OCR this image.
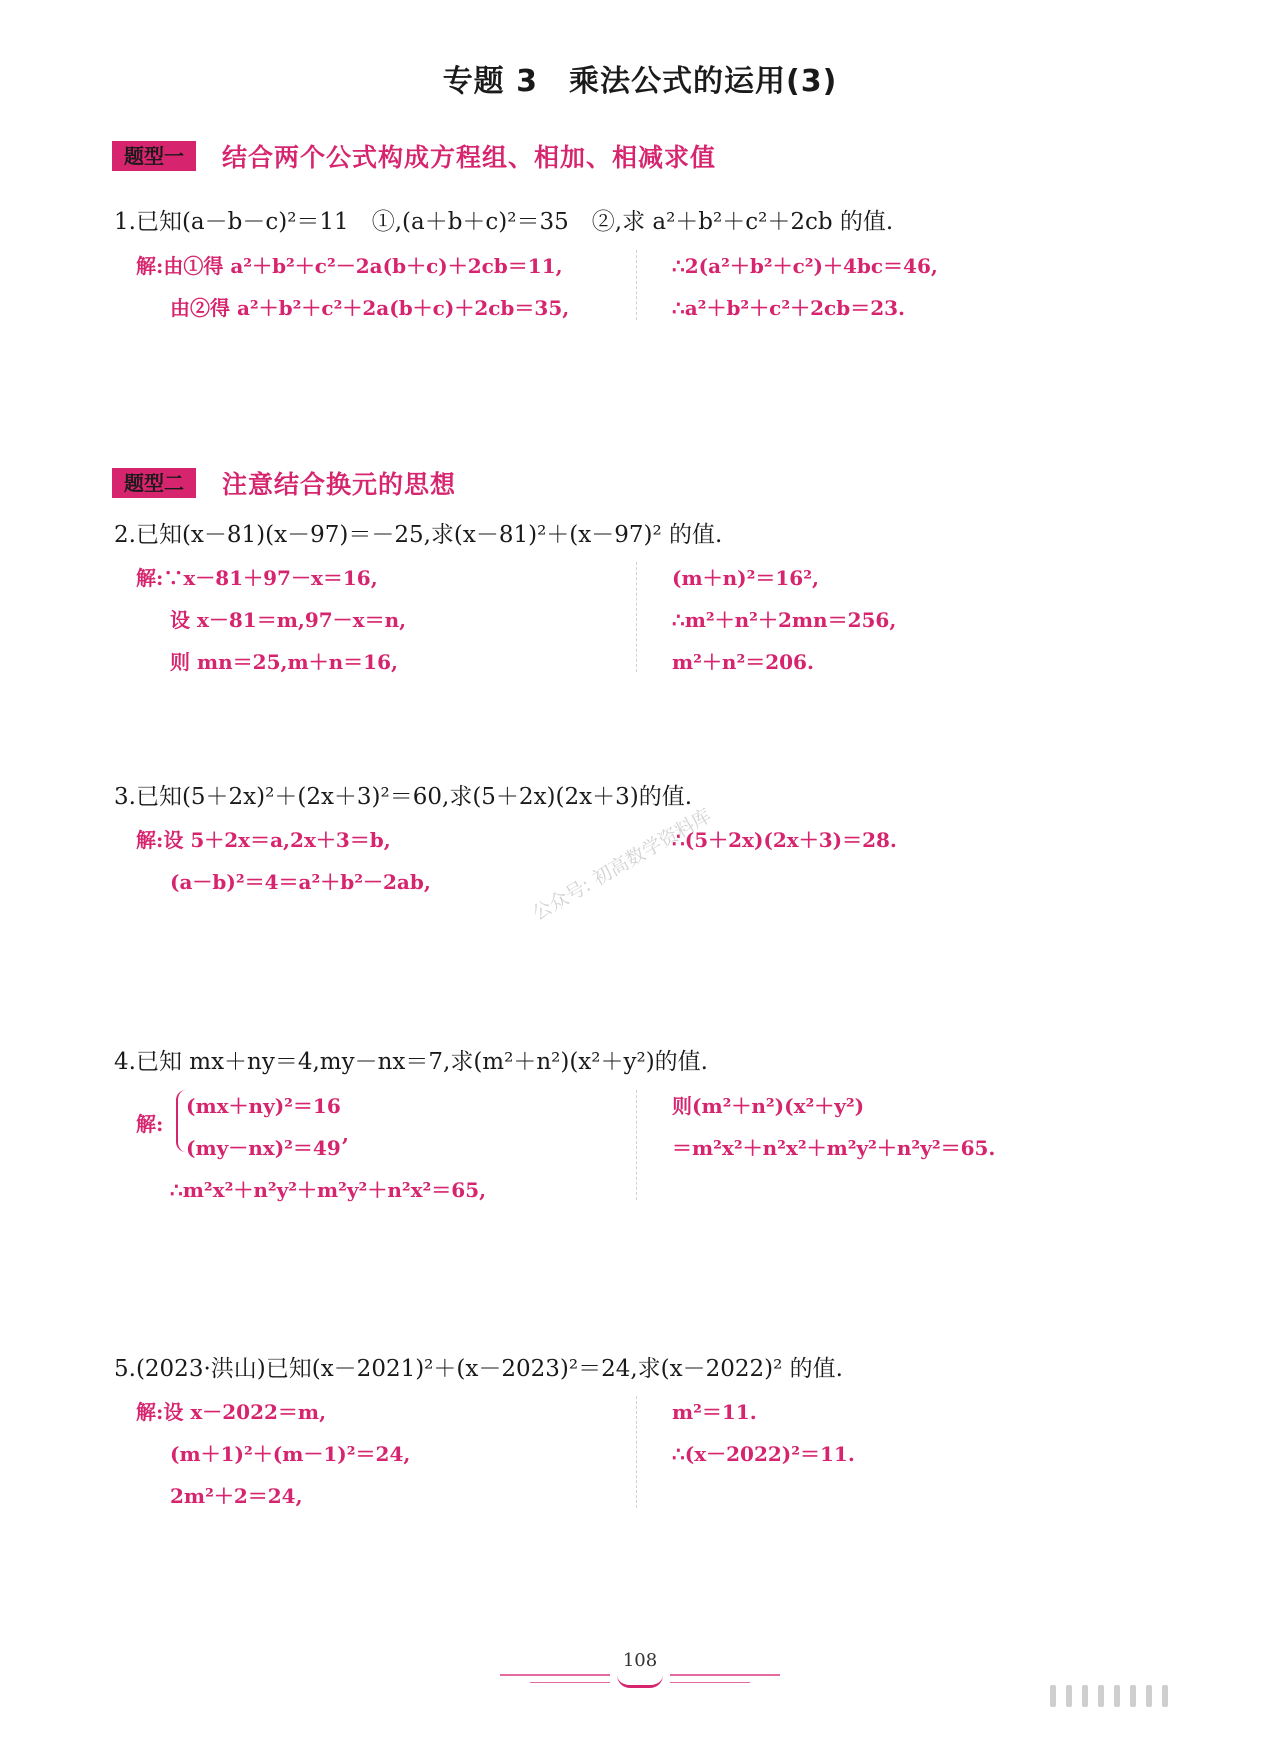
专题 3　乘法公式的运用(3)
题型一	结合两个公式构成方程组、相加、相减求值
1.已知(a－b－c)²＝11　①,(a＋b＋c)²＝35　②,求 a²＋b²＋c²＋2cb 的值.
解:由①得 a²＋b²＋c²－2a(b＋c)＋2cb＝11,
由②得 a²＋b²＋c²＋2a(b＋c)＋2cb＝35,
∴2(a²＋b²＋c²)＋4bc＝46,
∴a²＋b²＋c²＋2cb＝23.
题型二	注意结合换元的思想
2.已知(x－81)(x－97)＝－25,求(x－81)²＋(x－97)² 的值.
解:∵x－81＋97－x＝16,
设 x－81＝m,97－x＝n,
则 mn＝25,m＋n＝16,
(m＋n)²＝16²,
∴m²＋n²＋2mn＝256,
m²＋n²＝206.
3.已知(5＋2x)²＋(2x＋3)²＝60,求(5＋2x)(2x＋3)的值.
解:设 5＋2x＝a,2x＋3＝b,
(a－b)²＝4＝a²＋b²－2ab,
∴(5＋2x)(2x＋3)＝28.
公众号: 初高数学资料库
4.已知 mx＋ny＝4,my－nx＝7,求(m²＋n²)(x²＋y²)的值.
解:
(mx＋ny)²＝16
(my－nx)²＝49
,
∴m²x²＋n²y²＋m²y²＋n²x²＝65,
则(m²＋n²)(x²＋y²)
＝m²x²＋n²x²＋m²y²＋n²y²＝65.
5.(2023·洪山)已知(x－2021)²＋(x－2023)²＝24,求(x－2022)² 的值.
解:设 x－2022＝m,
(m＋1)²＋(m－1)²＝24,
2m²＋2＝24,
m²＝11.
∴(x－2022)²＝11.
108
